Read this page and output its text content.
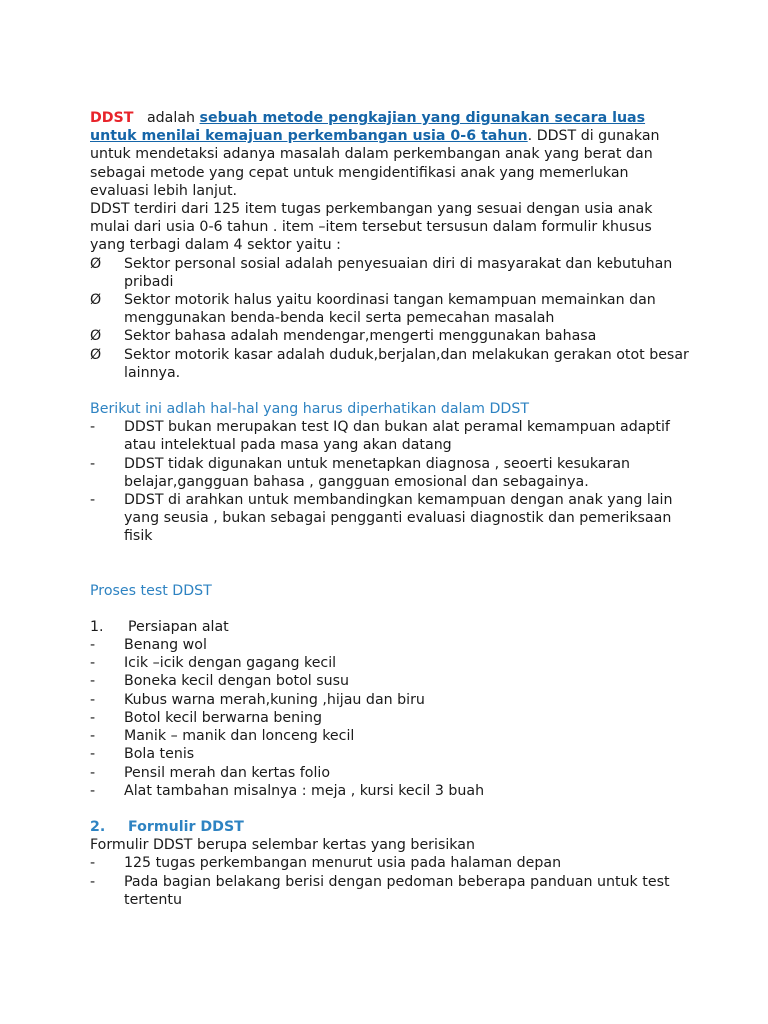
DDST adalah sebuah metode pengkajian yang digunakan secara luas untuk menilai kemajuan perkembangan usia 0-6 tahun. DDST di gunakan untuk mendetaksi adanya masalah dalam perkembangan anak yang berat dan sebagai metode yang cepat untuk mengidentifikasi anak yang memerlukan evaluasi lebih lanjut.

DDST terdiri dari 125 item tugas perkembangan yang sesuai dengan usia anak mulai dari usia 0-6 tahun . item –item tersebut tersusun dalam formulir khusus yang terbagi dalam 4 sektor yaitu :

Ø	Sektor personal sosial adalah penyesuaian diri di masyarakat dan kebutuhan pribadi
Ø	Sektor motorik halus yaitu koordinasi tangan kemampuan memainkan dan menggunakan benda-benda kecil serta pemecahan masalah
Ø	Sektor bahasa adalah mendengar,mengerti menggunakan bahasa
Ø	Sektor motorik kasar adalah duduk,berjalan,dan melakukan gerakan otot besar lainnya.

Berikut ini adlah hal-hal yang harus diperhatikan dalam DDST

-	DDST bukan merupakan test IQ dan bukan alat peramal kemampuan adaptif atau intelektual pada masa yang akan datang
-	DDST tidak digunakan untuk menetapkan diagnosa , seoerti kesukaran belajar,gangguan bahasa , gangguan emosional dan sebagainya.
-	DDST di arahkan untuk membandingkan kemampuan dengan anak yang lain yang seusia , bukan sebagai pengganti evaluasi diagnostik dan pemeriksaan fisik

Proses test DDST

1.	Persiapan alat
-	Benang wol
-	Icik –icik dengan gagang kecil
-	Boneka kecil dengan botol susu
-	Kubus warna merah,kuning ,hijau dan biru
-	Botol kecil berwarna bening
-	Manik – manik dan lonceng kecil
-	Bola tenis
-	Pensil merah dan kertas folio
-	Alat tambahan misalnya : meja , kursi kecil 3 buah
2.	Formulir DDST

Formulir DDST berupa selembar kertas yang berisikan

-	125 tugas perkembangan menurut usia pada halaman depan
-	Pada bagian belakang berisi dengan pedoman beberapa panduan untuk test tertentu
